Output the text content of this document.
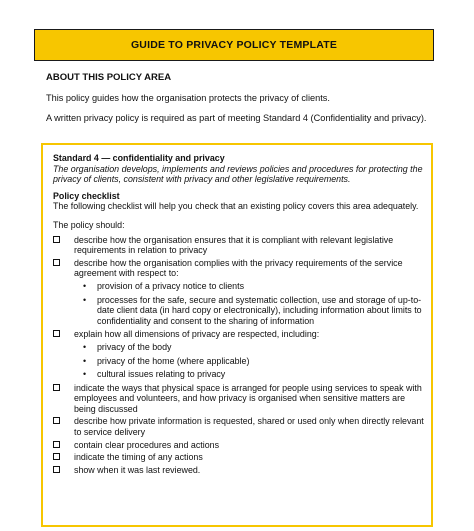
GUIDE TO PRIVACY POLICY TEMPLATE
ABOUT THIS POLICY AREA
This policy guides how the organisation protects the privacy of clients.
A written privacy policy is required as part of meeting Standard 4 (Confidentiality and privacy).
Standard 4 — confidentiality and privacy
The organisation develops, implements and reviews policies and procedures for protecting the privacy of clients, consistent with privacy and other legislative requirements.
Policy checklist
The following checklist will help you check that an existing policy covers this area adequately.
The policy should:
describe how the organisation ensures that it is compliant with relevant legislative requirements in relation to privacy
describe how the organisation complies with the privacy requirements of the service agreement with respect to:
•	provision of a privacy notice to clients
•	processes for the safe, secure and systematic collection, use and storage of up-to-date client data (in hard copy or electronically), including information about limits to confidentiality and consent to the sharing of information
explain how all dimensions of privacy are respected, including:
•	privacy of the body
•	privacy of the home (where applicable)
•	cultural issues relating to privacy
indicate the ways that physical space is arranged for people using services to speak with employees and volunteers, and how privacy is organised when sensitive matters are being discussed
describe how private information is requested, shared or used only when directly relevant to service delivery
contain clear procedures and actions
indicate the timing of any actions
show when it was last reviewed.
